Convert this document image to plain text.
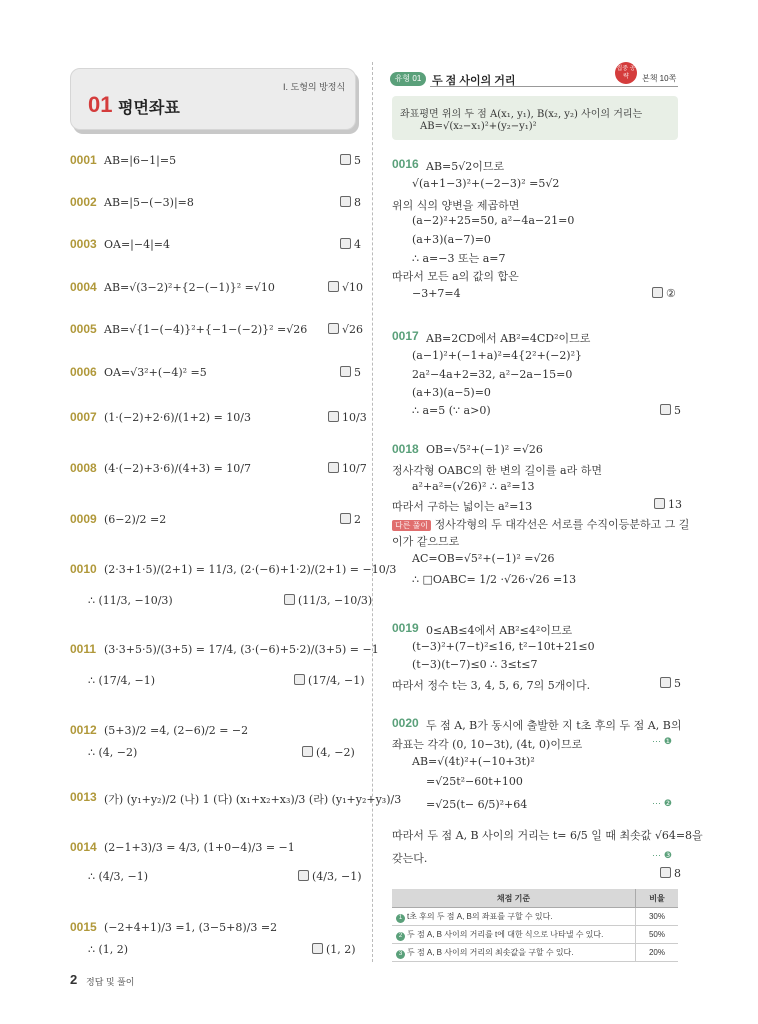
I. 도형의 방정식
01 평면좌표
0001 AB=|6−1|=5	5
0002 AB=|5−(−3)|=8	8
0003 OA=|−4|=4	4
0004 AB=√(3−2)²+{2−(−1)}² =√10	√10
0005 AB=√{1−(−4)}²+{−1−(−2)}² =√26	√26
0006 OA=√3²+(−4)² =5	5
0007 (1·(−2)+2·6)/(1+2) = 10/3	10/3
0008 (4·(−2)+3·6)/(4+3) = 10/7	10/7
0009 (6−2)/2 =2	2
0010 (2·3+1·5)/(2+1) = 11/3, (2·(−6)+1·2)/(2+1) = −10/3
∴ (11/3, −10/3)	(11/3, −10/3)
0011 (3·3+5·5)/(3+5) = 17/4, (3·(−6)+5·2)/(3+5) = −1
∴ (17/4, −1)	(17/4, −1)
0012 (5+3)/2 =4, (2−6)/2 = −2
∴ (4, −2)	(4, −2)
0013 (가) (y₁+y₂)/2 (나) 1 (다) (x₁+x₂+x₃)/3 (라) (y₁+y₂+y₃)/3
0014 (2−1+3)/3 = 4/3, (1+0−4)/3 = −1
∴ (4/3, −1)	(4/3, −1)
0015 (−2+4+1)/3 =1, (3−5+8)/3 =2
∴ (1, 2)	(1, 2)
유형 01 두 점 사이의 거리
집중 공략	본책 10쪽
좌표평면 위의 두 점 A(x₁, y₁), B(x₂, y₂) 사이의 거리는
AB=√(x₂−x₁)²+(y₂−y₁)²
0016 AB=5√2이므로
√(a+1−3)²+(−2−3)² =5√2
위의 식의 양변을 제곱하면
(a−2)²+25=50, a²−4a−21=0
(a+3)(a−7)=0
∴ a=−3 또는 a=7
따라서 모든 a의 값의 합은
−3+7=4	②
0017 AB=2CD에서 AB²=4CD²이므로
(a−1)²+(−1+a)²=4{2²+(−2)²}
2a²−4a+2=32, a²−2a−15=0
(a+3)(a−5)=0
∴ a=5 (∵ a>0)	5
0018 OB=√5²+(−1)² =√26
정사각형 OABC의 한 변의 길이를 a라 하면
a²+a²=(√26)² ∴ a²=13
따라서 구하는 넓이는 a²=13	13
다른 풀이 정사각형의 두 대각선은 서로를 수직이등분하고 그 길
이가 같으므로
AC=OB=√5²+(−1)² =√26
∴ □OABC= 1/2 ·√26·√26 =13
0019 0≤AB≤4에서 AB²≤4²이므로
(t−3)²+(7−t)²≤16, t²−10t+21≤0
(t−3)(t−7)≤0 ∴ 3≤t≤7
따라서 정수 t는 3, 4, 5, 6, 7의 5개이다.	5
0020 두 점 A, B가 동시에 출발한 지 t초 후의 두 점 A, B의
좌표는 각각 (0, 10−3t), (4t, 0)이므로	⋯ ❶
AB=√(4t)²+(−10+3t)²
=√25t²−60t+100
=√25(t− 6/5)²+64	⋯ ❷
따라서 두 점 A, B 사이의 거리는 t= 6/5 일 때 최솟값 √64=8을
갖는다.	⋯ ❸
8
채점 기준	비율
1 t초 후의 두 점 A, B의 좌표를 구할 수 있다.	30%
2 두 점 A, B 사이의 거리를 t에 대한 식으로 나타낼 수 있다.	50%
3 두 점 A, B 사이의 거리의 최솟값을 구할 수 있다.	20%
2 정답 및 풀이
